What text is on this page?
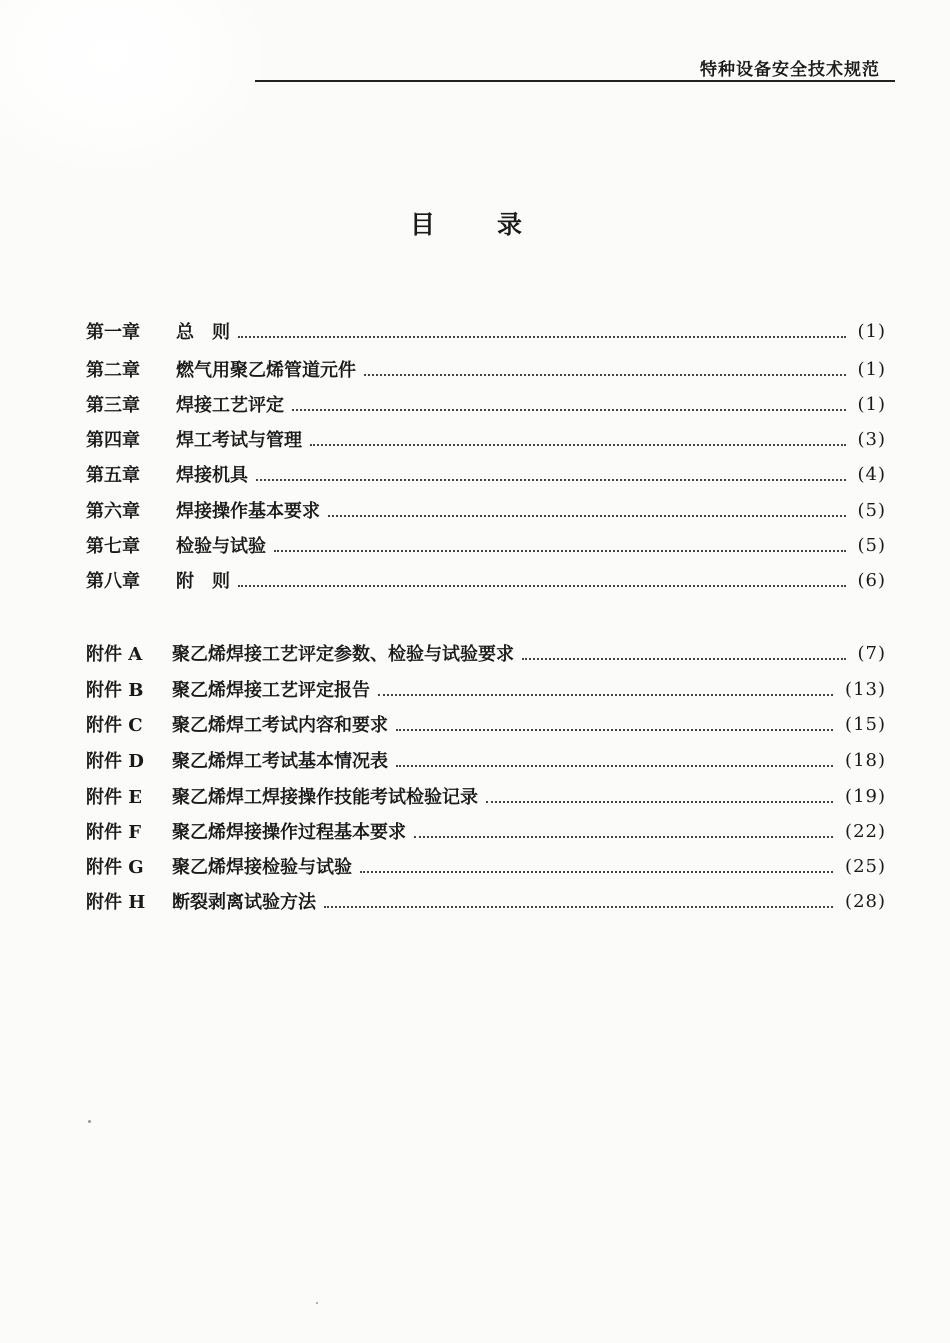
特种设备安全技术规范
目录
第一章	总　则	(1)
第二章	燃气用聚乙烯管道元件	(1)
第三章	焊接工艺评定	(1)
第四章	焊工考试与管理	(3)
第五章	焊接机具	(4)
第六章	焊接操作基本要求	(5)
第七章	检验与试验	(5)
第八章	附　则	(6)
附件 A	聚乙烯焊接工艺评定参数、检验与试验要求	(7)
附件 B	聚乙烯焊接工艺评定报告	(13)
附件 C	聚乙烯焊工考试内容和要求	(15)
附件 D	聚乙烯焊工考试基本情况表	(18)
附件 E	聚乙烯焊工焊接操作技能考试检验记录	(19)
附件 F	聚乙烯焊接操作过程基本要求	(22)
附件 G	聚乙烯焊接检验与试验	(25)
附件 H	断裂剥离试验方法	(28)
